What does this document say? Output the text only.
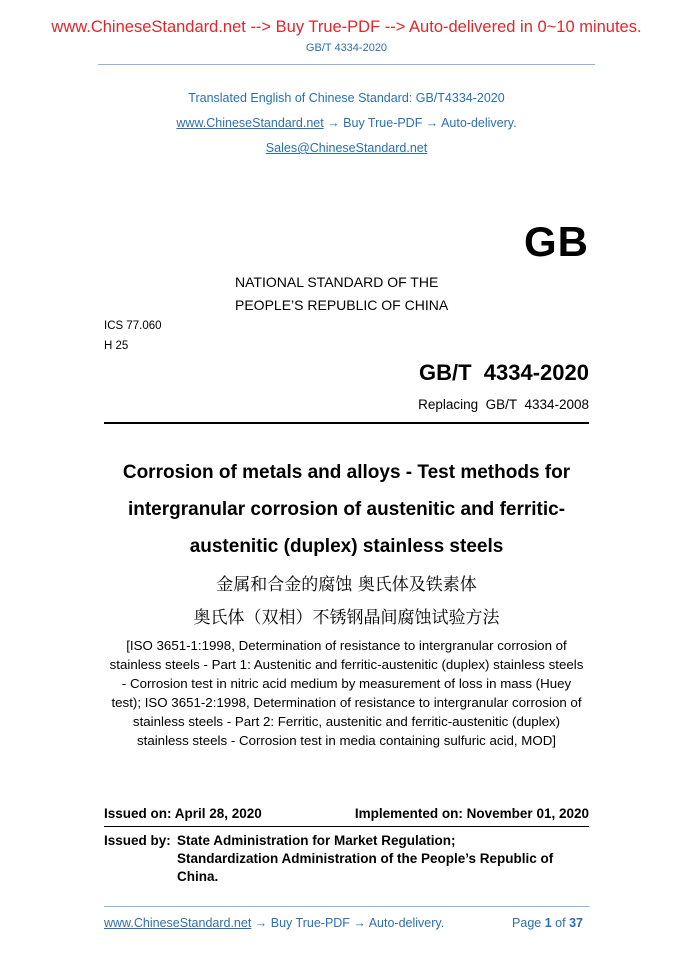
www.ChineseStandard.net --> Buy True-PDF --> Auto-delivered in 0~10 minutes.
GB/T 4334-2020
Translated English of Chinese Standard: GB/T4334-2020
www.ChineseStandard.net → Buy True-PDF → Auto-delivery.
Sales@ChineseStandard.net
GB
NATIONAL STANDARD OF THE
PEOPLE’S REPUBLIC OF CHINA
ICS 77.060
H 25
GB/T  4334-2020
Replacing  GB/T  4334-2008
Corrosion of metals and alloys - Test methods for
intergranular corrosion of austenitic and ferritic-
austenitic (duplex) stainless steels
金属和合金的腐蚀 奥氏体及铁素体
奥氏体（双相）不锈钢晶间腐蚀试验方法
[ISO 3651-1:1998, Determination of resistance to intergranular corrosion of
stainless steels - Part 1: Austenitic and ferritic-austenitic (duplex) stainless steels
- Corrosion test in nitric acid medium by measurement of loss in mass (Huey
test); ISO 3651-2:1998, Determination of resistance to intergranular corrosion of
stainless steels - Part 2: Ferritic, austenitic and ferritic-austenitic (duplex)
stainless steels - Corrosion test in media containing sulfuric acid, MOD]
Issued on: April 28, 2020	Implemented on: November 01, 2020
Issued by: State Administration for Market Regulation;
Standardization Administration of the People’s Republic of
China.
www.ChineseStandard.net → Buy True-PDF → Auto-delivery.	Page 1 of 37
